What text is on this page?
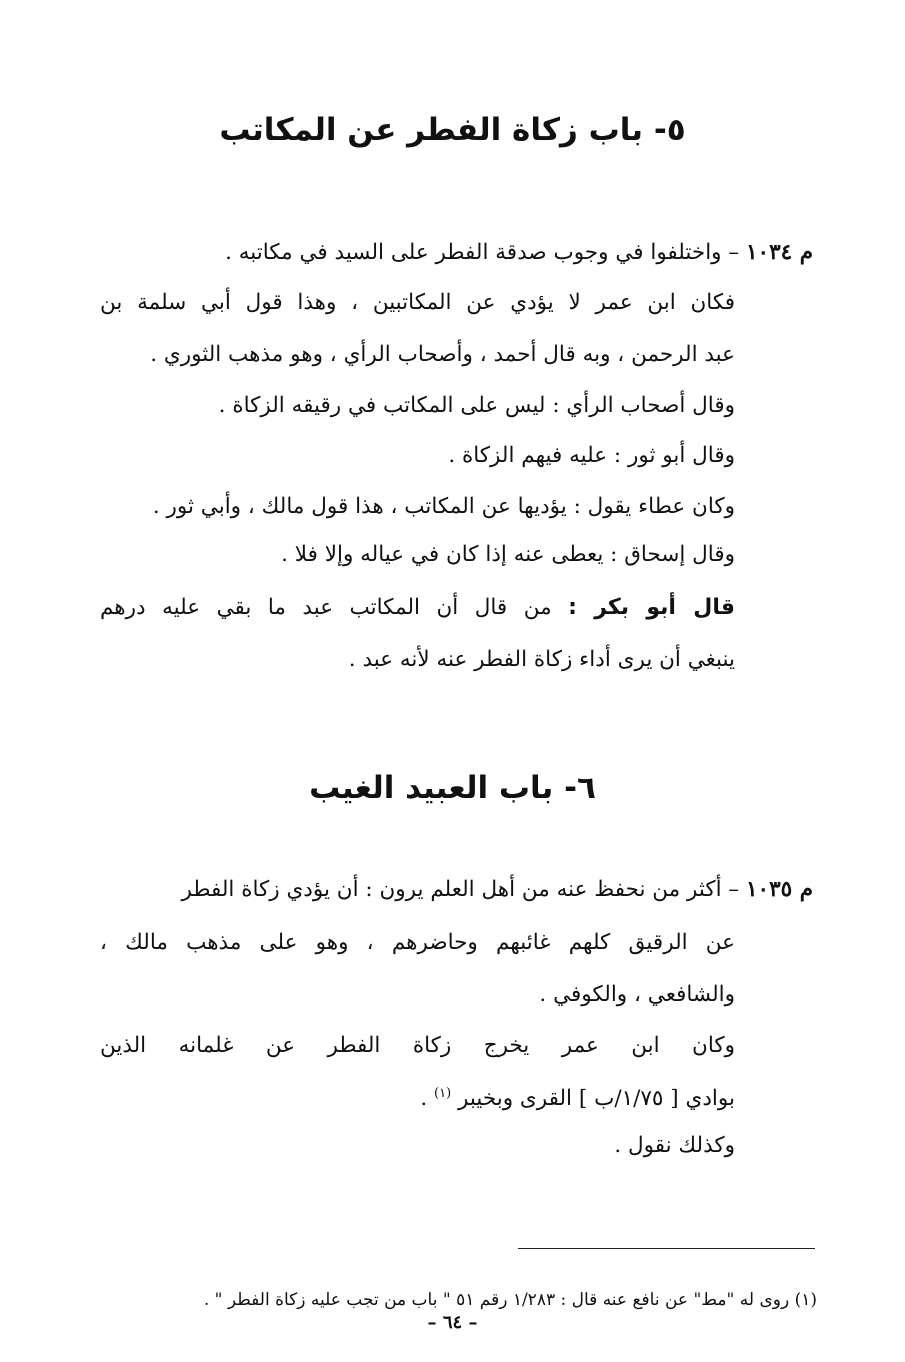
٥- باب زكاة الفطر عن المكاتب

م ١٠٣٤ – واختلفوا في وجوب صدقة الفطر على السيد في مكاتبه .

فكان ابن عمر لا يؤدي عن المكاتبين ، وهذا قول أبي سلمة بن

عبد الرحمن ، وبه قال أحمد ، وأصحاب الرأي ، وهو مذهب الثوري .

وقال أصحاب الرأي : ليس على المكاتب في رقيقه الزكاة .

وقال أبو ثور : عليه فيهم الزكاة .

وكان عطاء يقول : يؤديها عن المكاتب ، هذا قول مالك ، وأبي ثور .

وقال إسحاق : يعطى عنه إذا كان في عياله وإلا فلا .

قال أبو بكر : من قال أن المكاتب عبد ما بقي عليه درهم

ينبغي أن يرى أداء زكاة الفطر عنه لأنه عبد .

٦- باب العبيد الغيب

م ١٠٣٥ – أكثر من نحفظ عنه من أهل العلم يرون : أن يؤدي زكاة الفطر

عن الرقيق كلهم غائبهم وحاضرهم ، وهو على مذهب مالك ،

والشافعي ، والكوفي .

وكان ابن عمر يخرج زكاة الفطر عن غلمانه الذين

بوادي [ ١/٧٥/ب ] القرى وبخيبر $^{(١)}$ .

وكذلك نقول .

(١) روى له "مط" عن نافع عنه قال : ١/٢٨٣ رقم ٥١ " باب من تجب عليه زكاة الفطر " .

– ٦٤ –
